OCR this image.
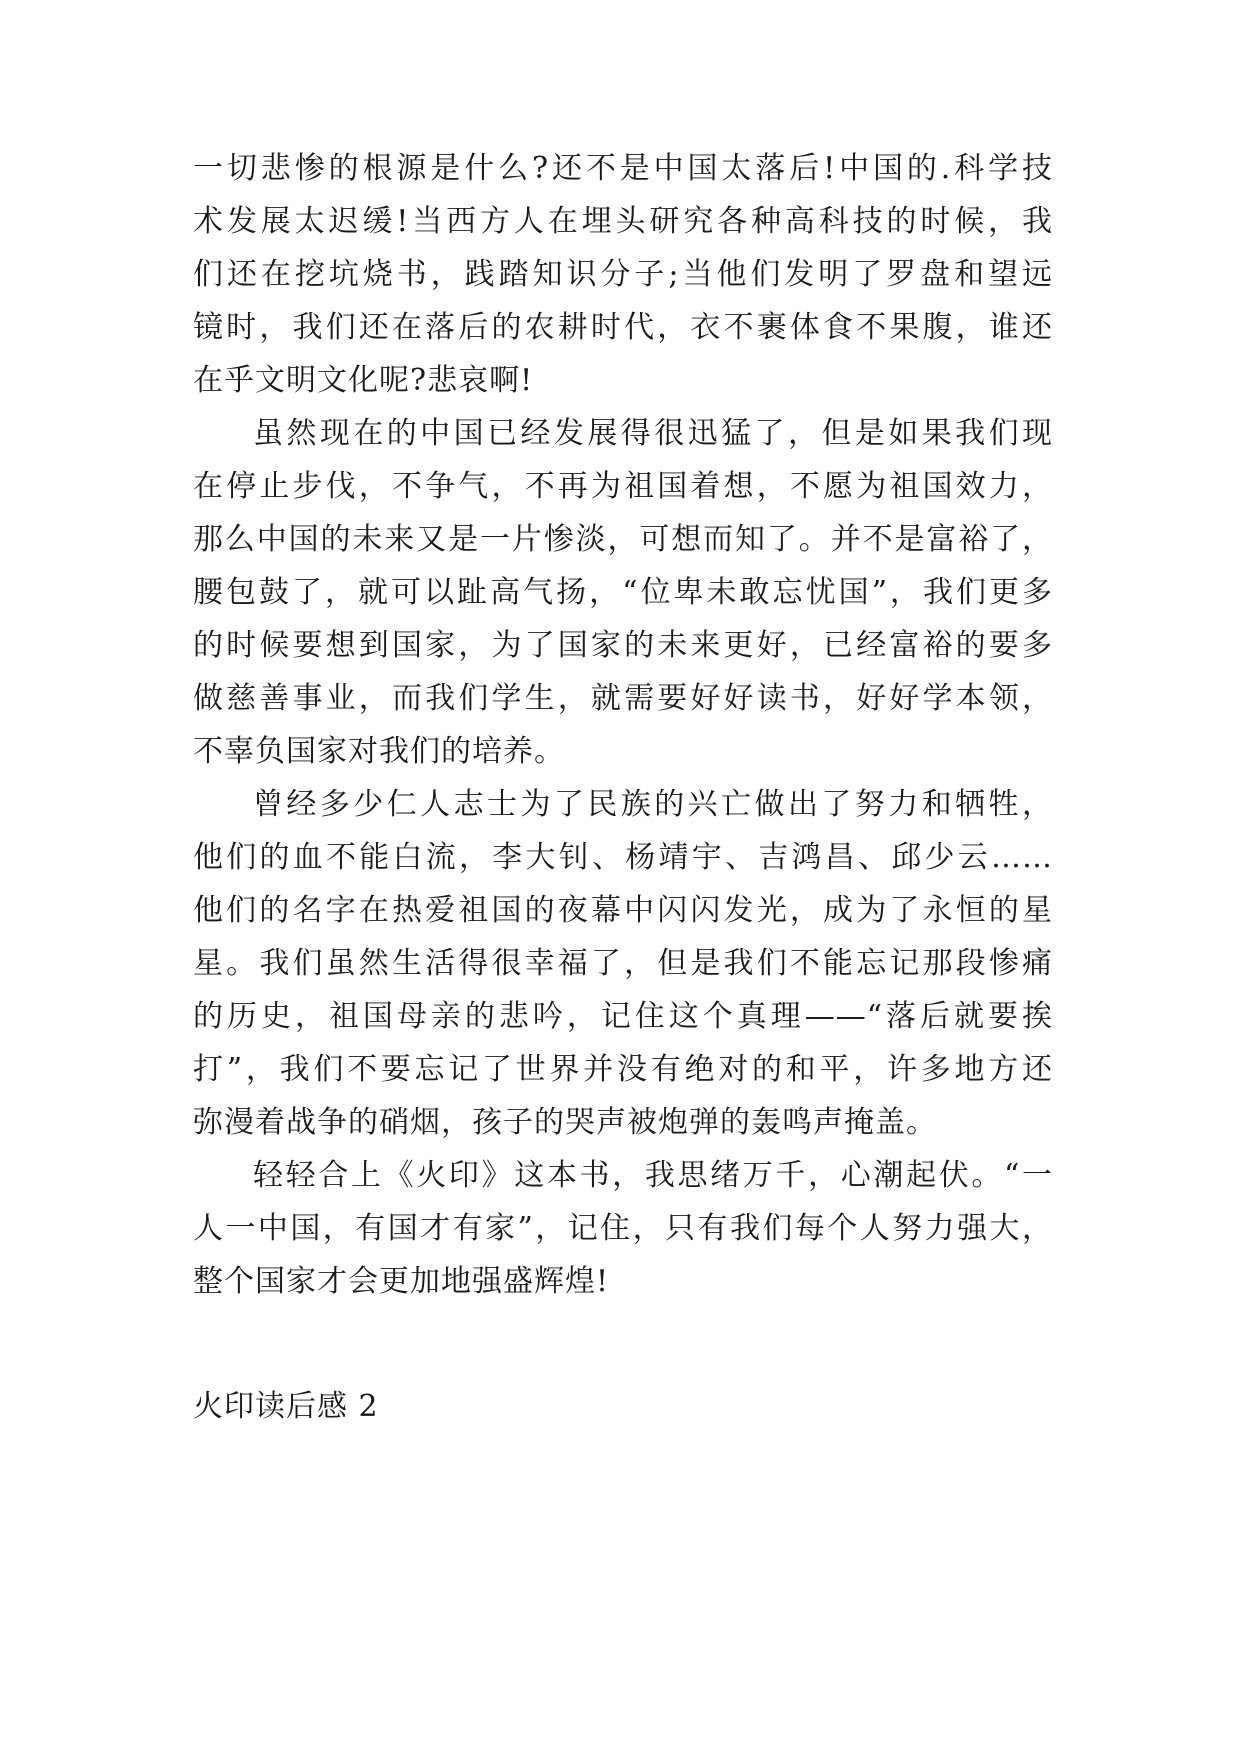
一切悲惨的根源是什么?还不是中国太落后!中国的.科学技
术发展太迟缓!当西方人在埋头研究各种高科技的时候，我
们还在挖坑烧书，践踏知识分子;当他们发明了罗盘和望远
镜时，我们还在落后的农耕时代，衣不裹体食不果腹，谁还
在乎文明文化呢?悲哀啊!
虽然现在的中国已经发展得很迅猛了，但是如果我们现
在停止步伐，不争气，不再为祖国着想，不愿为祖国效力，
那么中国的未来又是一片惨淡，可想而知了。并不是富裕了，
腰包鼓了，就可以趾高气扬，“位卑未敢忘忧国”，我们更多
的时候要想到国家，为了国家的未来更好，已经富裕的要多
做慈善事业，而我们学生，就需要好好读书，好好学本领，
不辜负国家对我们的培养。
曾经多少仁人志士为了民族的兴亡做出了努力和牺牲，
他们的血不能白流，李大钊、杨靖宇、吉鸿昌、邱少云……
他们的名字在热爱祖国的夜幕中闪闪发光，成为了永恒的星
星。我们虽然生活得很幸福了，但是我们不能忘记那段惨痛
的历史，祖国母亲的悲吟，记住这个真理——“落后就要挨
打”，我们不要忘记了世界并没有绝对的和平，许多地方还
弥漫着战争的硝烟，孩子的哭声被炮弹的轰鸣声掩盖。
轻轻合上《火印》这本书，我思绪万千，心潮起伏。“一
人一中国，有国才有家”，记住，只有我们每个人努力强大，
整个国家才会更加地强盛辉煌!
火印读后感 2
